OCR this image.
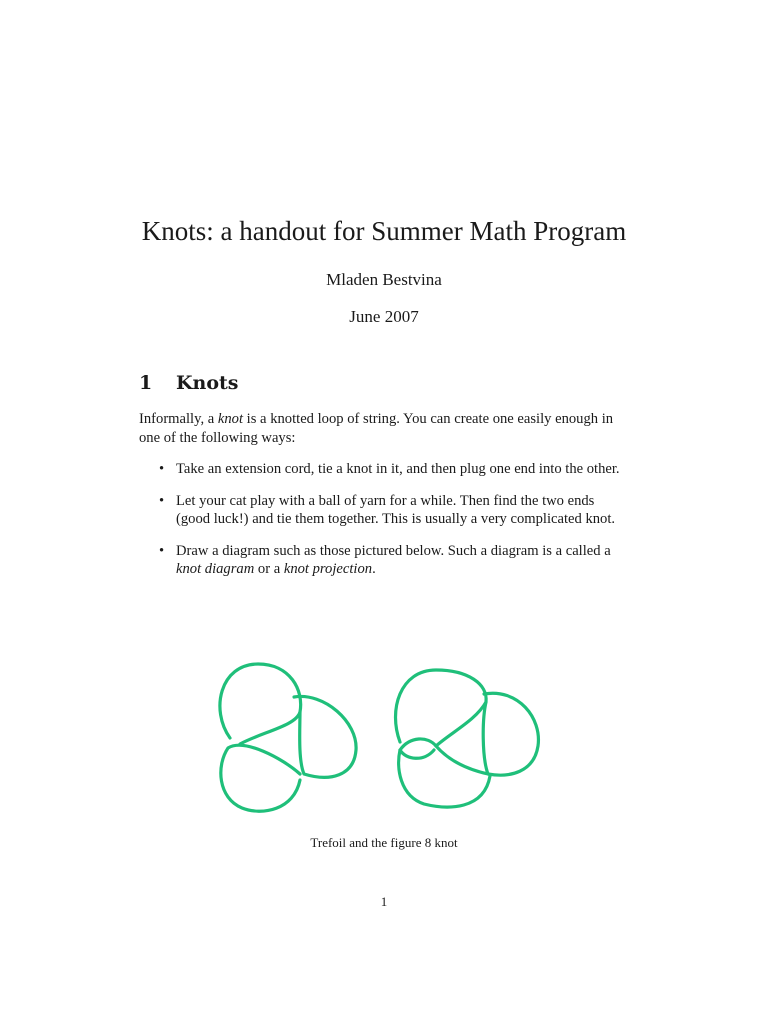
Knots: a handout for Summer Math Program
Mladen Bestvina
June 2007
1 Knots
Informally, a knot is a knotted loop of string. You can create one easily enough in one of the following ways:
• Take an extension cord, tie a knot in it, and then plug one end into the other.
• Let your cat play with a ball of yarn for a while. Then find the two ends (good luck!) and tie them together. This is usually a very complicated knot.
• Draw a diagram such as those pictured below. Such a diagram is a called a knot diagram or a knot projection.
Trefoil and the figure 8 knot
1
